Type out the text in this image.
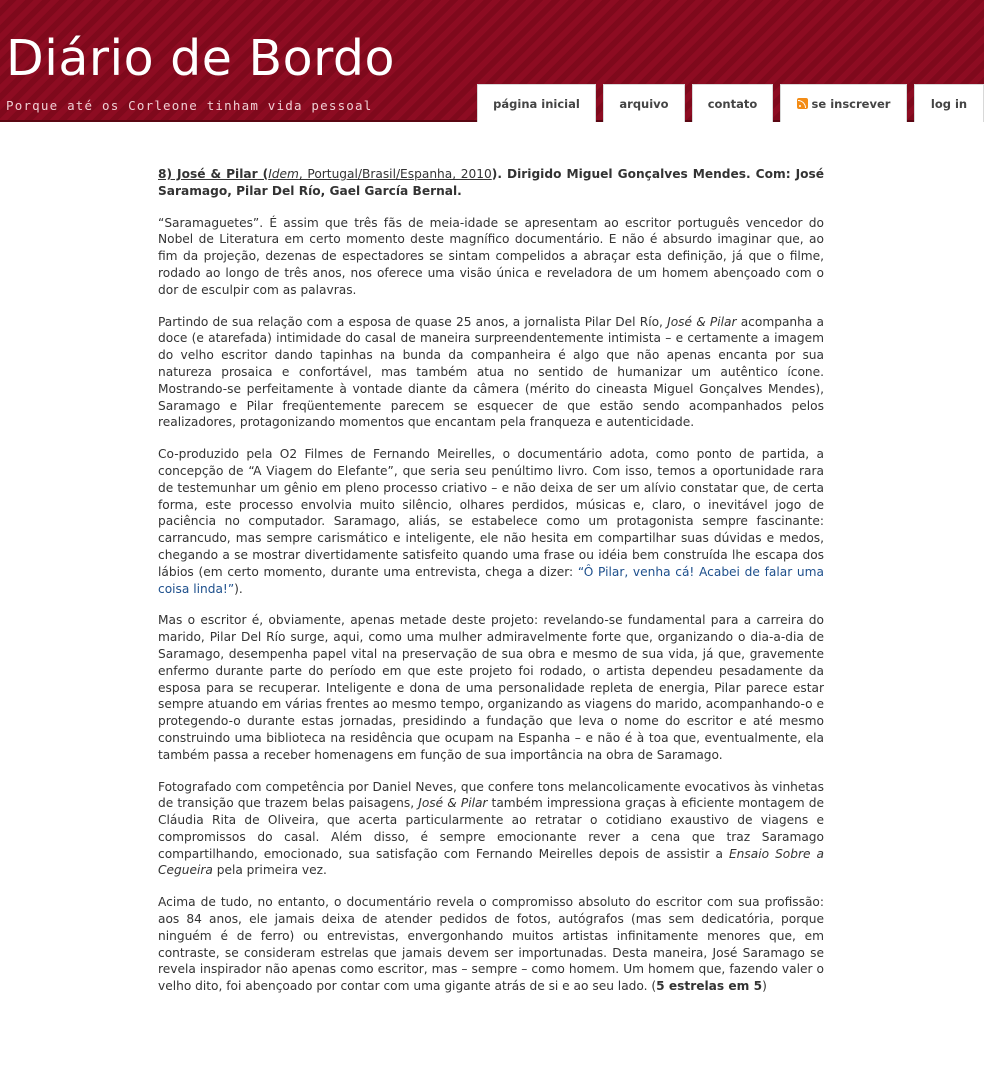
Diário de Bordo
Porque até os Corleone tinham vida pessoal	página inicial	arquivo	contato	se inscrever	log in

8) José & Pilar (Idem, Portugal/Brasil/Espanha, 2010). Dirigido Miguel Gonçalves Mendes. Com: José Saramago, Pilar Del Río, Gael García Bernal.

“Saramaguetes”. É assim que três fãs de meia-idade se apresentam ao escritor português vencedor do Nobel de Literatura em certo momento deste magnífico documentário. E não é absurdo imaginar que, ao fim da projeção, dezenas de espectadores se sintam compelidos a abraçar esta definição, já que o filme, rodado ao longo de três anos, nos oferece uma visão única e reveladora de um homem abençoado com o dor de esculpir com as palavras.

Partindo de sua relação com a esposa de quase 25 anos, a jornalista Pilar Del Río, José & Pilar acompanha a doce (e atarefada) intimidade do casal de maneira surpreendentemente intimista – e certamente a imagem do velho escritor dando tapinhas na bunda da companheira é algo que não apenas encanta por sua natureza prosaica e confortável, mas também atua no sentido de humanizar um autêntico ícone. Mostrando-se perfeitamente à vontade diante da câmera (mérito do cineasta Miguel Gonçalves Mendes), Saramago e Pilar freqüentemente parecem se esquecer de que estão sendo acompanhados pelos realizadores, protagonizando momentos que encantam pela franqueza e autenticidade.

Co-produzido pela O2 Filmes de Fernando Meirelles, o documentário adota, como ponto de partida, a concepção de “A Viagem do Elefante”, que seria seu penúltimo livro. Com isso, temos a oportunidade rara de testemunhar um gênio em pleno processo criativo – e não deixa de ser um alívio constatar que, de certa forma, este processo envolvia muito silêncio, olhares perdidos, músicas e, claro, o inevitável jogo de paciência no computador. Saramago, aliás, se estabelece como um protagonista sempre fascinante: carrancudo, mas sempre carismático e inteligente, ele não hesita em compartilhar suas dúvidas e medos, chegando a se mostrar divertidamente satisfeito quando uma frase ou idéia bem construída lhe escapa dos lábios (em certo momento, durante uma entrevista, chega a dizer: “Ô Pilar, venha cá! Acabei de falar uma coisa linda!”).

Mas o escritor é, obviamente, apenas metade deste projeto: revelando-se fundamental para a carreira do marido, Pilar Del Río surge, aqui, como uma mulher admiravelmente forte que, organizando o dia-a-dia de Saramago, desempenha papel vital na preservação de sua obra e mesmo de sua vida, já que, gravemente enfermo durante parte do período em que este projeto foi rodado, o artista dependeu pesadamente da esposa para se recuperar. Inteligente e dona de uma personalidade repleta de energia, Pilar parece estar sempre atuando em várias frentes ao mesmo tempo, organizando as viagens do marido, acompanhando-o e protegendo-o durante estas jornadas, presidindo a fundação que leva o nome do escritor e até mesmo construindo uma biblioteca na residência que ocupam na Espanha – e não é à toa que, eventualmente, ela também passa a receber homenagens em função de sua importância na obra de Saramago.

Fotografado com competência por Daniel Neves, que confere tons melancolicamente evocativos às vinhetas de transição que trazem belas paisagens, José & Pilar também impressiona graças à eficiente montagem de Cláudia Rita de Oliveira, que acerta particularmente ao retratar o cotidiano exaustivo de viagens e compromissos do casal. Além disso, é sempre emocionante rever a cena que traz Saramago compartilhando, emocionado, sua satisfação com Fernando Meirelles depois de assistir a Ensaio Sobre a Cegueira pela primeira vez.

Acima de tudo, no entanto, o documentário revela o compromisso absoluto do escritor com sua profissão: aos 84 anos, ele jamais deixa de atender pedidos de fotos, autógrafos (mas sem dedicatória, porque ninguém é de ferro) ou entrevistas, envergonhando muitos artistas infinitamente menores que, em contraste, se consideram estrelas que jamais devem ser importunadas. Desta maneira, José Saramago se revela inspirador não apenas como escritor, mas – sempre – como homem. Um homem que, fazendo valer o velho dito, foi abençoado por contar com uma gigante atrás de si e ao seu lado. (5 estrelas em 5)
